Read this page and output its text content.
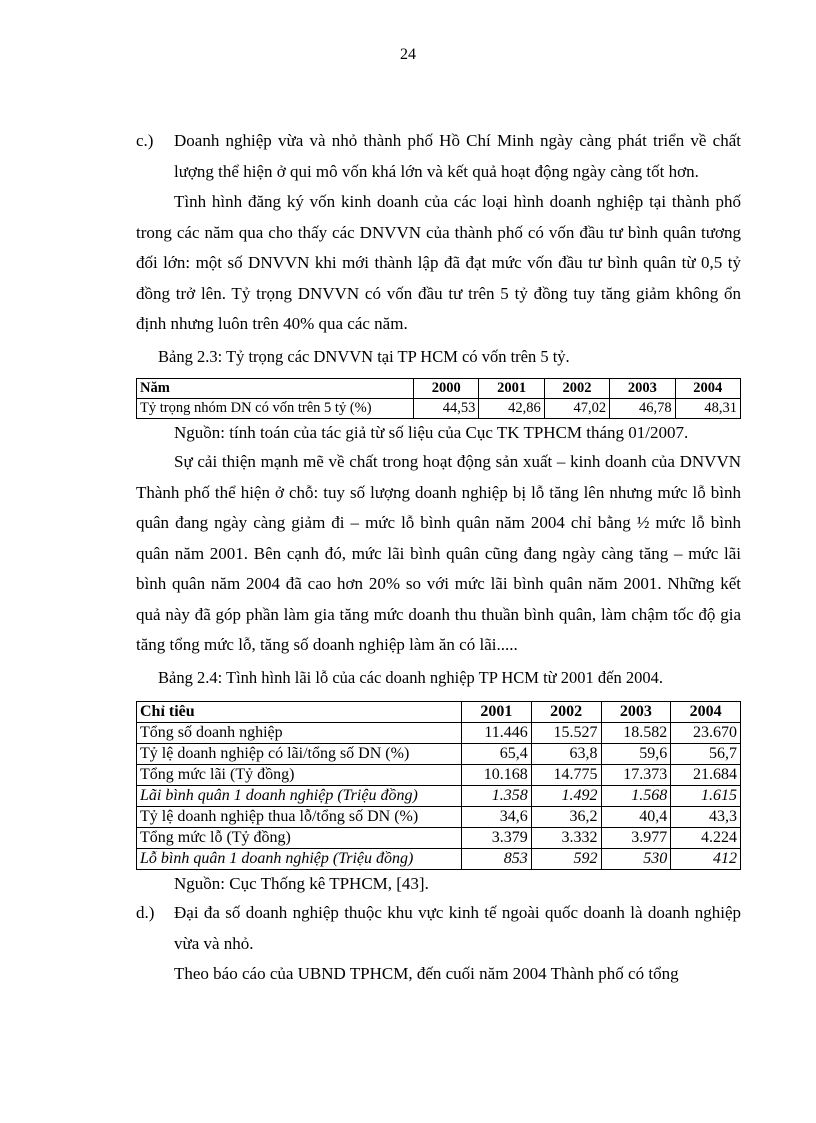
24
c.)	Doanh nghiệp vừa và nhỏ thành phố Hồ Chí Minh ngày càng phát triển về chất lượng thể hiện ở qui mô vốn khá lớn và kết quả hoạt động ngày càng tốt hơn.

Tình hình đăng ký vốn kinh doanh của các loại hình doanh nghiệp tại thành phố trong các năm qua cho thấy các DNVVN của thành phố có vốn đầu tư bình quân tương đối lớn: một số DNVVN khi mới thành lập đã đạt mức vốn đầu tư bình quân từ 0,5 tỷ đồng trở lên. Tỷ trọng DNVVN có vốn đầu tư trên 5 tỷ đồng tuy tăng giảm không ổn định nhưng luôn trên 40% qua các năm.

Bảng 2.3: Tỷ trọng các DNVVN tại TP HCM có vốn trên 5 tỷ.
Năm	2000	2001	2002	2003	2004
Tỷ trọng nhóm DN có vốn trên 5 tỷ (%)	44,53	42,86	47,02	46,78	48,31
Nguồn: tính toán của tác giả từ số liệu của Cục TK TPHCM tháng 01/2007.

Sự cải thiện mạnh mẽ về chất trong hoạt động sản xuất – kinh doanh của DNVVN Thành phố thể hiện ở chỗ: tuy số lượng doanh nghiệp bị lỗ tăng lên nhưng mức lỗ bình quân đang ngày càng giảm đi – mức lỗ bình quân năm 2004 chỉ bằng ½ mức lỗ bình quân năm 2001. Bên cạnh đó, mức lãi bình quân cũng đang ngày càng tăng – mức lãi bình quân năm 2004 đã cao hơn 20% so với mức lãi bình quân năm 2001. Những kết quả này đã góp phần làm gia tăng mức doanh thu thuần bình quân, làm chậm tốc độ gia tăng tổng mức lỗ, tăng số doanh nghiệp làm ăn có lãi.....

Bảng 2.4: Tình hình lãi lỗ của các doanh nghiệp TP HCM từ 2001 đến 2004.
Chỉ tiêu	2001	2002	2003	2004
Tổng số doanh nghiệp	11.446	15.527	18.582	23.670
Tỷ lệ doanh nghiệp có lãi/tổng số DN (%)	65,4	63,8	59,6	56,7
Tổng mức lãi (Tỷ đồng)	10.168	14.775	17.373	21.684
Lãi bình quân 1 doanh nghiệp (Triệu đồng)	1.358	1.492	1.568	1.615
Tỷ lệ doanh nghiệp thua lỗ/tổng số DN (%)	34,6	36,2	40,4	43,3
Tổng mức lỗ (Tỷ đồng)	3.379	3.332	3.977	4.224
Lỗ bình quân 1 doanh nghiệp (Triệu đồng)	853	592	530	412
Nguồn: Cục Thống kê TPHCM, [43].
d.)	Đại đa số doanh nghiệp thuộc khu vực kinh tế ngoài quốc doanh là doanh nghiệp vừa và nhỏ.

Theo báo cáo của UBND TPHCM, đến cuối năm 2004 Thành phố có tổng
